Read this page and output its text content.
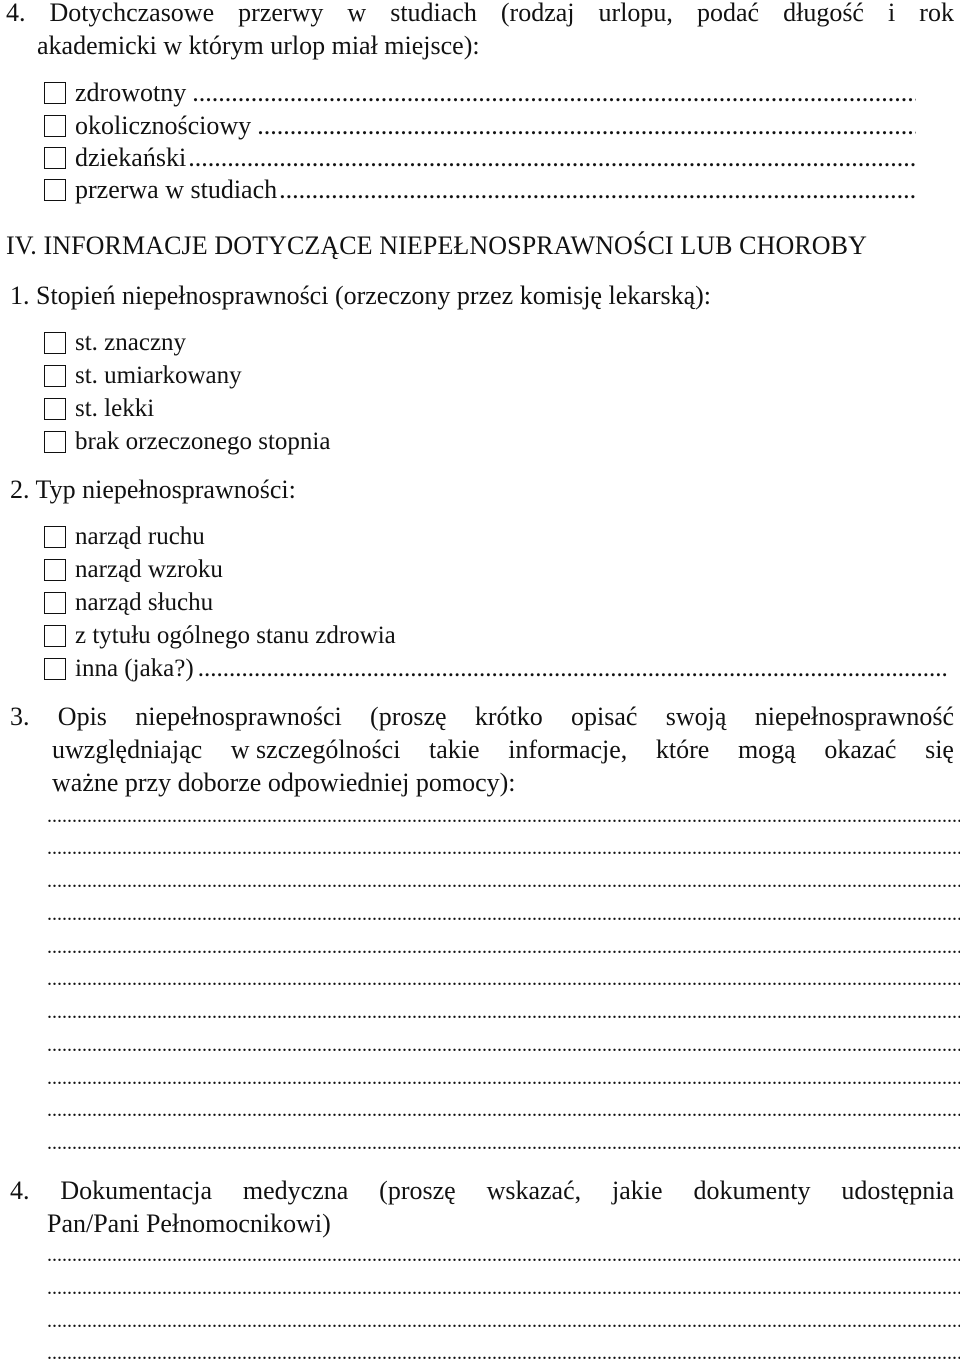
4. Dotychczasowe przerwy w studiach (rodzaj urlopu, podać długość i rok
akademicki w którym urlop miał miejsce):
zdrowotny
.....
okolicznościowy
.....
dziekański
.....
przerwa w studiach
.....
IV. INFORMACJE DOTYCZĄCE NIEPEŁNOSPRAWNOŚCI LUB CHOROBY
1. Stopień niepełnosprawności (orzeczony przez komisję lekarską):
st. znaczny
st. umiarkowany
st. lekki
brak orzeczonego stopnia
2. Typ niepełnosprawności:
narząd ruchu
narząd wzroku
narząd słuchu
z tytułu ogólnego stanu zdrowia
inna (jaka?)
.....
3. Opis niepełnosprawności (proszę krótko opisać swoją niepełnosprawność
uwzględniając w szczególności takie informacje, które mogą okazać się
ważne przy doborze odpowiedniej pomocy):
.....
.....
.....
.....
.....
.....
.....
.....
.....
.....
.....
4. Dokumentacja medyczna (proszę wskazać, jakie dokumenty udostępnia
Pan/Pani Pełnomocnikowi)
.....
.....
.....
.....
